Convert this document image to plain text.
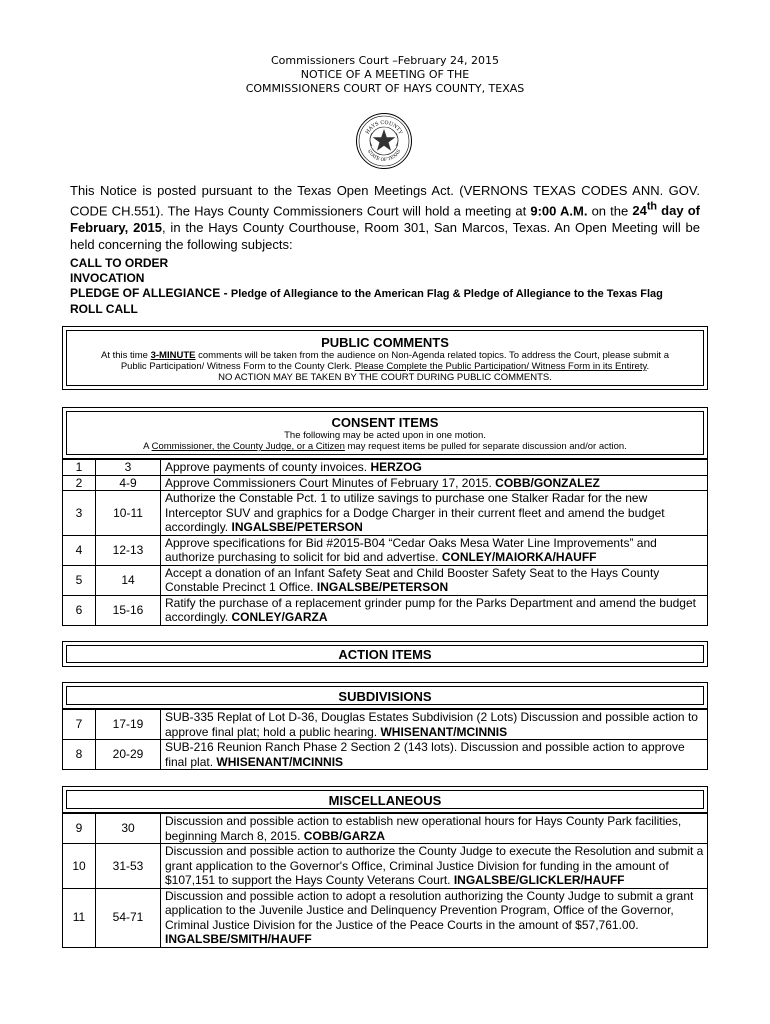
Commissioners Court –February 24, 2015
NOTICE OF A MEETING OF THE
COMMISSIONERS COURT OF HAYS COUNTY, TEXAS
HAYS COUNTY
STATE OF TEXAS
This Notice is posted pursuant to the Texas Open Meetings Act. (VERNONS TEXAS CODES ANN. GOV. CODE CH.551). The Hays County Commissioners Court will hold a meeting at 9:00 A.M. on the 24th day of February, 2015, in the Hays County Courthouse, Room 301, San Marcos, Texas. An Open Meeting will be held concerning the following subjects:
CALL TO ORDER
INVOCATION
PLEDGE OF ALLEGIANCE - Pledge of Allegiance to the American Flag & Pledge of Allegiance to the Texas Flag
ROLL CALL
PUBLIC COMMENTS
At this time 3-MINUTE comments will be taken from the audience on Non-Agenda related topics. To address the Court, please submit a
Public Participation/ Witness Form to the County Clerk. Please Complete the Public Participation/ Witness Form in its Entirety.
NO ACTION MAY BE TAKEN BY THE COURT DURING PUBLIC COMMENTS.
CONSENT ITEMS
The following may be acted upon in one motion.
A Commissioner, the County Judge, or a Citizen may request items be pulled for separate discussion and/or action.
1	3	Approve payments of county invoices. HERZOG
2	4-9	Approve Commissioners Court Minutes of February 17, 2015. COBB/GONZALEZ
3	10-11	Authorize the Constable Pct. 1 to utilize savings to purchase one Stalker Radar for the new Interceptor SUV and graphics for a Dodge Charger in their current fleet and amend the budget accordingly. INGALSBE/PETERSON
4	12-13	Approve specifications for Bid #2015-B04 “Cedar Oaks Mesa Water Line Improvements” and authorize purchasing to solicit for bid and advertise. CONLEY/MAIORKA/HAUFF
5	14	Accept a donation of an Infant Safety Seat and Child Booster Safety Seat to the Hays County Constable Precinct 1 Office. INGALSBE/PETERSON
6	15-16	Ratify the purchase of a replacement grinder pump for the Parks Department and amend the budget accordingly. CONLEY/GARZA
ACTION ITEMS
SUBDIVISIONS
7	17-19	SUB-335 Replat of Lot D-36, Douglas Estates Subdivision (2 Lots) Discussion and possible action to approve final plat; hold a public hearing. WHISENANT/MCINNIS
8	20-29	SUB-216 Reunion Ranch Phase 2 Section 2 (143 lots). Discussion and possible action to approve final plat. WHISENANT/MCINNIS
MISCELLANEOUS
9	30	Discussion and possible action to establish new operational hours for Hays County Park facilities, beginning March 8, 2015. COBB/GARZA
10	31-53	Discussion and possible action to authorize the County Judge to execute the Resolution and submit a grant application to the Governor's Office, Criminal Justice Division for funding in the amount of $107,151 to support the Hays County Veterans Court. INGALSBE/GLICKLER/HAUFF
11	54-71	Discussion and possible action to adopt a resolution authorizing the County Judge to submit a grant application to the Juvenile Justice and Delinquency Prevention Program, Office of the Governor, Criminal Justice Division for the Justice of the Peace Courts in the amount of $57,761.00. INGALSBE/SMITH/HAUFF
